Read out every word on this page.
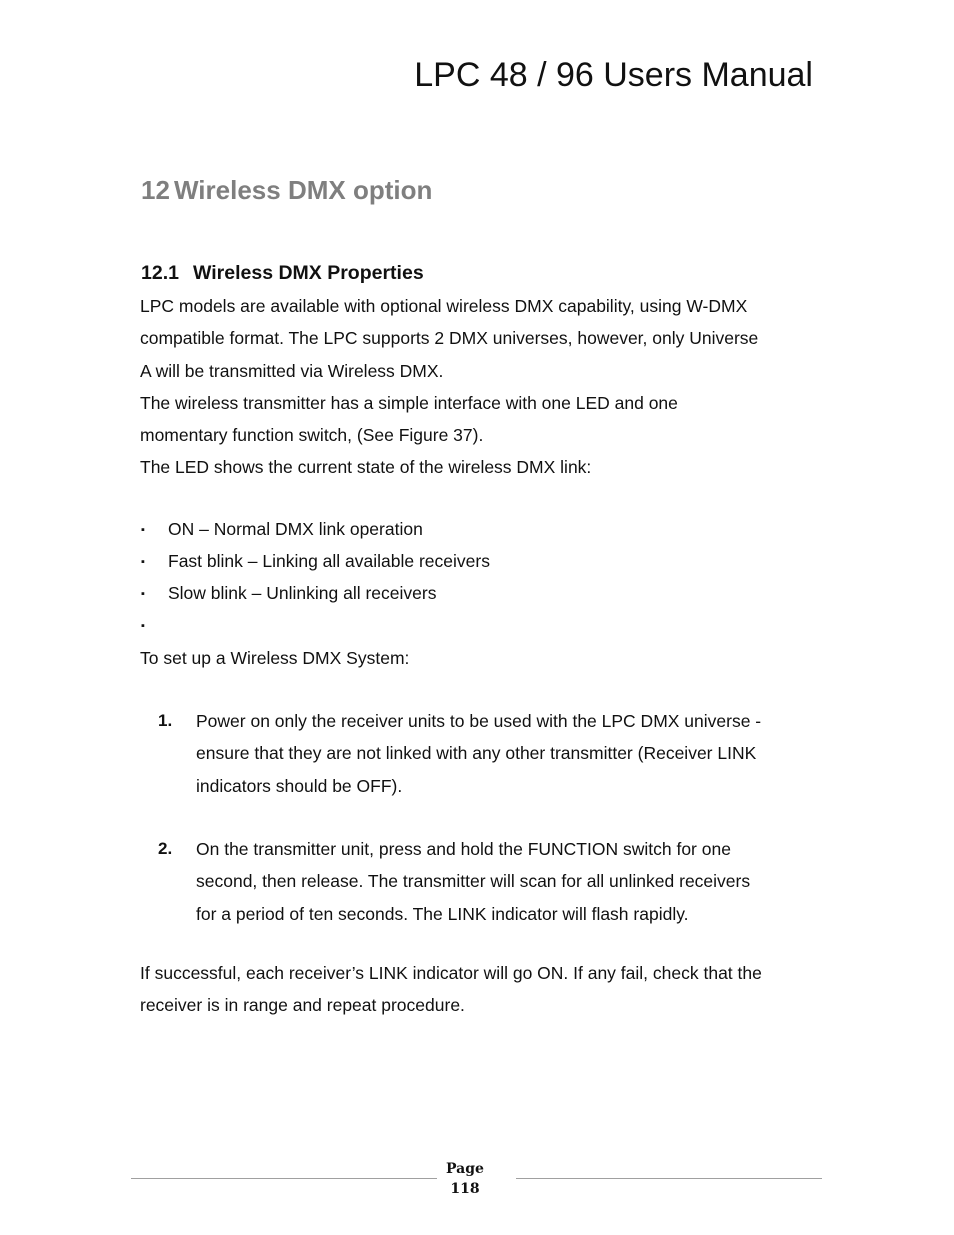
LPC 48 / 96 Users Manual
12 Wireless DMX option
12.1 Wireless DMX Properties
LPC models are available with optional wireless DMX capability, using W-DMX
compatible format. The LPC supports 2 DMX universes, however, only Universe
A will be transmitted via Wireless DMX.
The wireless transmitter has a simple interface with one LED and one
momentary function switch, (See Figure 37).
The LED shows the current state of the wireless DMX link:
▪ ON – Normal DMX link operation
▪ Fast blink – Linking all available receivers
▪ Slow blink – Unlinking all receivers
▪
To set up a Wireless DMX System:
1. Power on only the receiver units to be used with the LPC DMX universe -
ensure that they are not linked with any other transmitter (Receiver LINK
indicators should be OFF).
2. On the transmitter unit, press and hold the FUNCTION switch for one
second, then release. The transmitter will scan for all unlinked receivers
for a period of ten seconds. The LINK indicator will flash rapidly.
If successful, each receiver’s LINK indicator will go ON. If any fail, check that the
receiver is in range and repeat procedure.
Page
118
